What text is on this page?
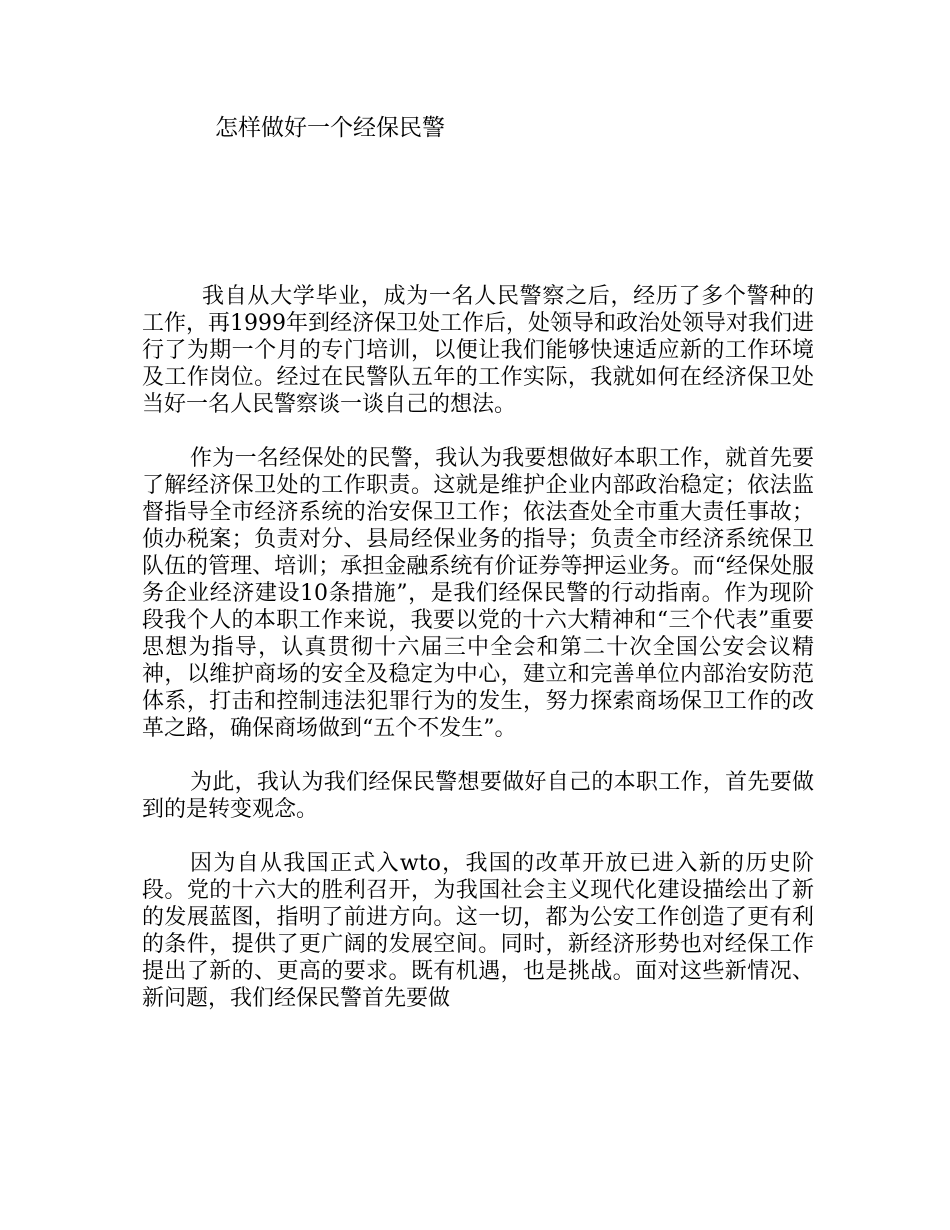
怎样做好一个经保民警

我自从大学毕业，成为一名人民警察之后，经历了多个警种的工作，再1999年到经济保卫处工作后，处领导和政治处领导对我们进行了为期一个月的专门培训，以便让我们能够快速适应新的工作环境及工作岗位。经过在民警队五年的工作实际，我就如何在经济保卫处当好一名人民警察谈一谈自己的想法。

作为一名经保处的民警，我认为我要想做好本职工作，就首先要了解经济保卫处的工作职责。这就是维护企业内部政治稳定；依法监督指导全市经济系统的治安保卫工作；依法查处全市重大责任事故；侦办税案；负责对分、县局经保业务的指导；负责全市经济系统保卫队伍的管理、培训；承担金融系统有价证券等押运业务。而“经保处服务企业经济建设10条措施”，是我们经保民警的行动指南。作为现阶段我个人的本职工作来说，我要以党的十六大精神和“三个代表”重要思想为指导，认真贯彻十六届三中全会和第二十次全国公安会议精神，以维护商场的安全及稳定为中心，建立和完善单位内部治安防范体系，打击和控制违法犯罪行为的发生，努力探索商场保卫工作的改革之路，确保商场做到“五个不发生”。

为此，我认为我们经保民警想要做好自己的本职工作，首先要做到的是转变观念。

因为自从我国正式入wto，我国的改革开放已进入新的历史阶段。党的十六大的胜利召开，为我国社会主义现代化建设描绘出了新的发展蓝图，指明了前进方向。这一切，都为公安工作创造了更有利的条件，提供了更广阔的发展空间。同时，新经济形势也对经保工作提出了新的、更高的要求。既有机遇，也是挑战。面对这些新情况、新问题，我们经保民警首先要做
